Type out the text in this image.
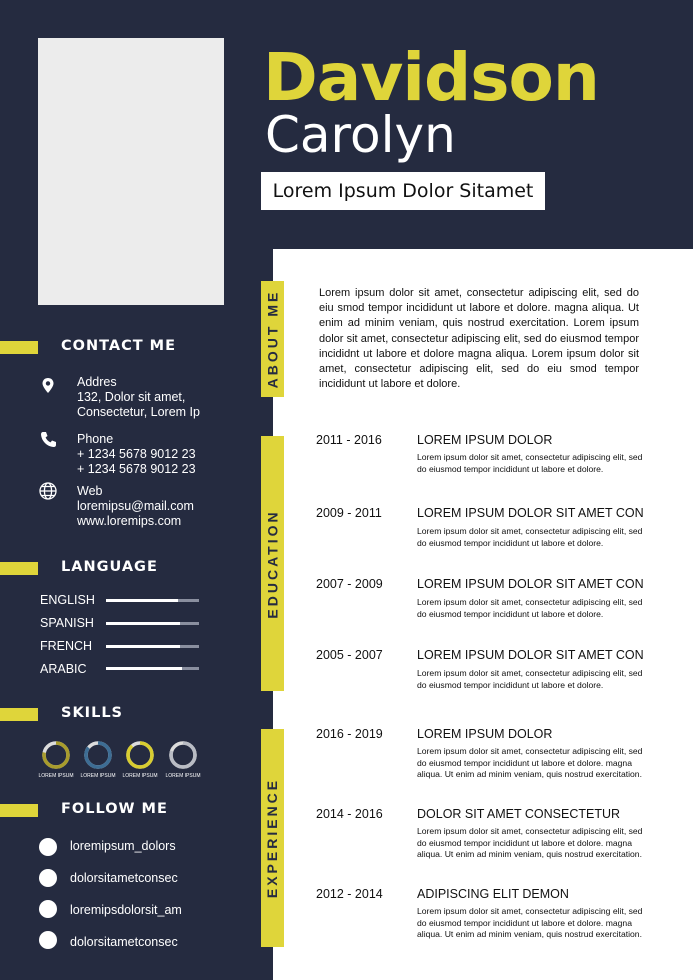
Davidson
Carolyn
Lorem Ipsum Dolor Sitamet
ABOUT ME
EDUCATION
EXPERIENCE
Lorem ipsum dolor sit amet, consectetur adipiscing elit, sed do eiu smod tempor incididunt ut labore et dolore. magna aliqua. Ut enim ad minim veniam, quis nostrud exercitation. Lorem ipsum dolor sit amet, consectetur adipiscing elit, sed do eiusmod tempor incididnt ut labore et dolore magna aliqua. Lorem ipsum dolor sit amet, consectetur adipiscing elit, sed do eiu smod tempor incididunt ut labore et dolore.
2011 - 2016	LOREM IPSUM DOLOR
Lorem ipsum dolor sit amet, consectetur adipiscing elit, sed do eiusmod tempor incididunt ut labore et dolore.
2009 - 2011	LOREM IPSUM DOLOR SIT AMET CON
Lorem ipsum dolor sit amet, consectetur adipiscing elit, sed do eiusmod tempor incididunt ut labore et dolore.
2007 - 2009	LOREM IPSUM DOLOR SIT AMET CON
Lorem ipsum dolor sit amet, consectetur adipiscing elit, sed do eiusmod tempor incididunt ut labore et dolore.
2005 - 2007	LOREM IPSUM DOLOR SIT AMET CON
Lorem ipsum dolor sit amet, consectetur adipiscing elit, sed do eiusmod tempor incididunt ut labore et dolore.
2016 - 2019	LOREM IPSUM DOLOR
Lorem ipsum dolor sit amet, consectetur adipiscing elit, sed do eiusmod tempor incididunt ut labore et dolore. magna aliqua. Ut enim ad minim veniam, quis nostrud exercitation.
2014 - 2016	DOLOR SIT AMET CONSECTETUR
Lorem ipsum dolor sit amet, consectetur adipiscing elit, sed do eiusmod tempor incididunt ut labore et dolore. magna aliqua. Ut enim ad minim veniam, quis nostrud exercitation.
2012 - 2014	ADIPISCING ELIT DEMON
Lorem ipsum dolor sit amet, consectetur adipiscing elit, sed do eiusmod tempor incididunt ut labore et dolore. magna aliqua. Ut enim ad minim veniam, quis nostrud exercitation.
CONTACT ME
Addres
132, Dolor sit amet,
Consectetur, Lorem Ip
Phone
+ 1234 5678 9012 23
+ 1234 5678 9012 23
Web
loremipsu@mail.com
www.loremips.com
LANGUAGE
ENGLISH
SPANISH
FRENCH
ARABIC
SKILLS
LOREM IPSUM	LOREM IPSUM	LOREM IPSUM	LOREM IPSUM
FOLLOW ME
loremipsum_dolors
dolorsitametconsec
loremipsdolorsit_am
dolorsitametconsec
